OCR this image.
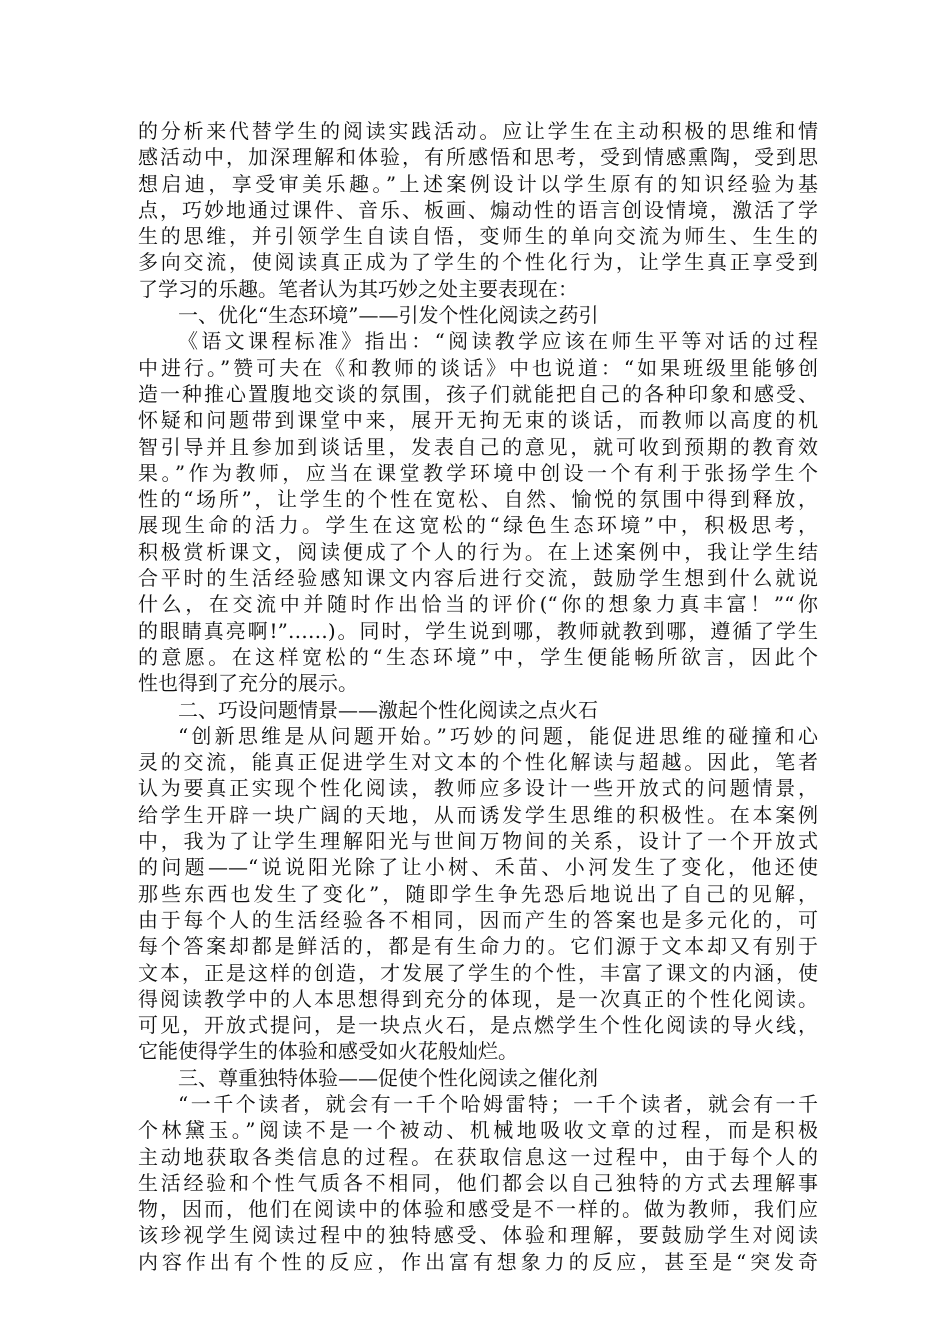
的分析来代替学生的阅读实践活动。应让学生在主动积极的思维和情
感活动中，加深理解和体验，有所感悟和思考，受到情感熏陶，受到思
想启迪，享受审美乐趣。”上述案例设计以学生原有的知识经验为基
点，巧妙地通过课件、音乐、板画、煽动性的语言创设情境，激活了学
生的思维，并引领学生自读自悟，变师生的单向交流为师生、生生的
多向交流，使阅读真正成为了学生的个性化行为，让学生真正享受到
了学习的乐趣。笔者认为其巧妙之处主要表现在：
一、优化“生态环境”——引发个性化阅读之药引
《语文课程标准》指出：“阅读教学应该在师生平等对话的过程
中进行。”赞可夫在《和教师的谈话》中也说道：“如果班级里能够创
造一种推心置腹地交谈的氛围，孩子们就能把自己的各种印象和感受、
怀疑和问题带到课堂中来，展开无拘无束的谈话，而教师以高度的机
智引导并且参加到谈话里，发表自己的意见，就可收到预期的教育效
果。”作为教师，应当在课堂教学环境中创设一个有利于张扬学生个
性的“场所”，让学生的个性在宽松、自然、愉悦的氛围中得到释放，
展现生命的活力。学生在这宽松的“绿色生态环境”中，积极思考，
积极赏析课文，阅读便成了个人的行为。在上述案例中，我让学生结
合平时的生活经验感知课文内容后进行交流，鼓励学生想到什么就说
什么，在交流中并随时作出恰当的评价(“你的想象力真丰富！”“你
的眼睛真亮啊!”……)。同时，学生说到哪，教师就教到哪，遵循了学生
的意愿。在这样宽松的“生态环境”中，学生便能畅所欲言，因此个
性也得到了充分的展示。
二、巧设问题情景——激起个性化阅读之点火石
“创新思维是从问题开始。”巧妙的问题，能促进思维的碰撞和心
灵的交流，能真正促进学生对文本的个性化解读与超越。因此，笔者
认为要真正实现个性化阅读，教师应多设计一些开放式的问题情景，
给学生开辟一块广阔的天地，从而诱发学生思维的积极性。在本案例
中，我为了让学生理解阳光与世间万物间的关系，设计了一个开放式
的问题——“说说阳光除了让小树、禾苗、小河发生了变化，他还使
那些东西也发生了变化”，随即学生争先恐后地说出了自己的见解，
由于每个人的生活经验各不相同，因而产生的答案也是多元化的，可
每个答案却都是鲜活的，都是有生命力的。它们源于文本却又有别于
文本，正是这样的创造，才发展了学生的个性，丰富了课文的内涵，使
得阅读教学中的人本思想得到充分的体现，是一次真正的个性化阅读。
可见，开放式提问，是一块点火石，是点燃学生个性化阅读的导火线，
它能使得学生的体验和感受如火花般灿烂。
三、尊重独特体验——促使个性化阅读之催化剂
“一千个读者，就会有一千个哈姆雷特；一千个读者，就会有一千
个林黛玉。”阅读不是一个被动、机械地吸收文章的过程，而是积极
主动地获取各类信息的过程。在获取信息这一过程中，由于每个人的
生活经验和个性气质各不相同，他们都会以自己独特的方式去理解事
物，因而，他们在阅读中的体验和感受是不一样的。做为教师，我们应
该珍视学生阅读过程中的独特感受、体验和理解，要鼓励学生对阅读
内容作出有个性的反应，作出富有想象力的反应，甚至是“突发奇
